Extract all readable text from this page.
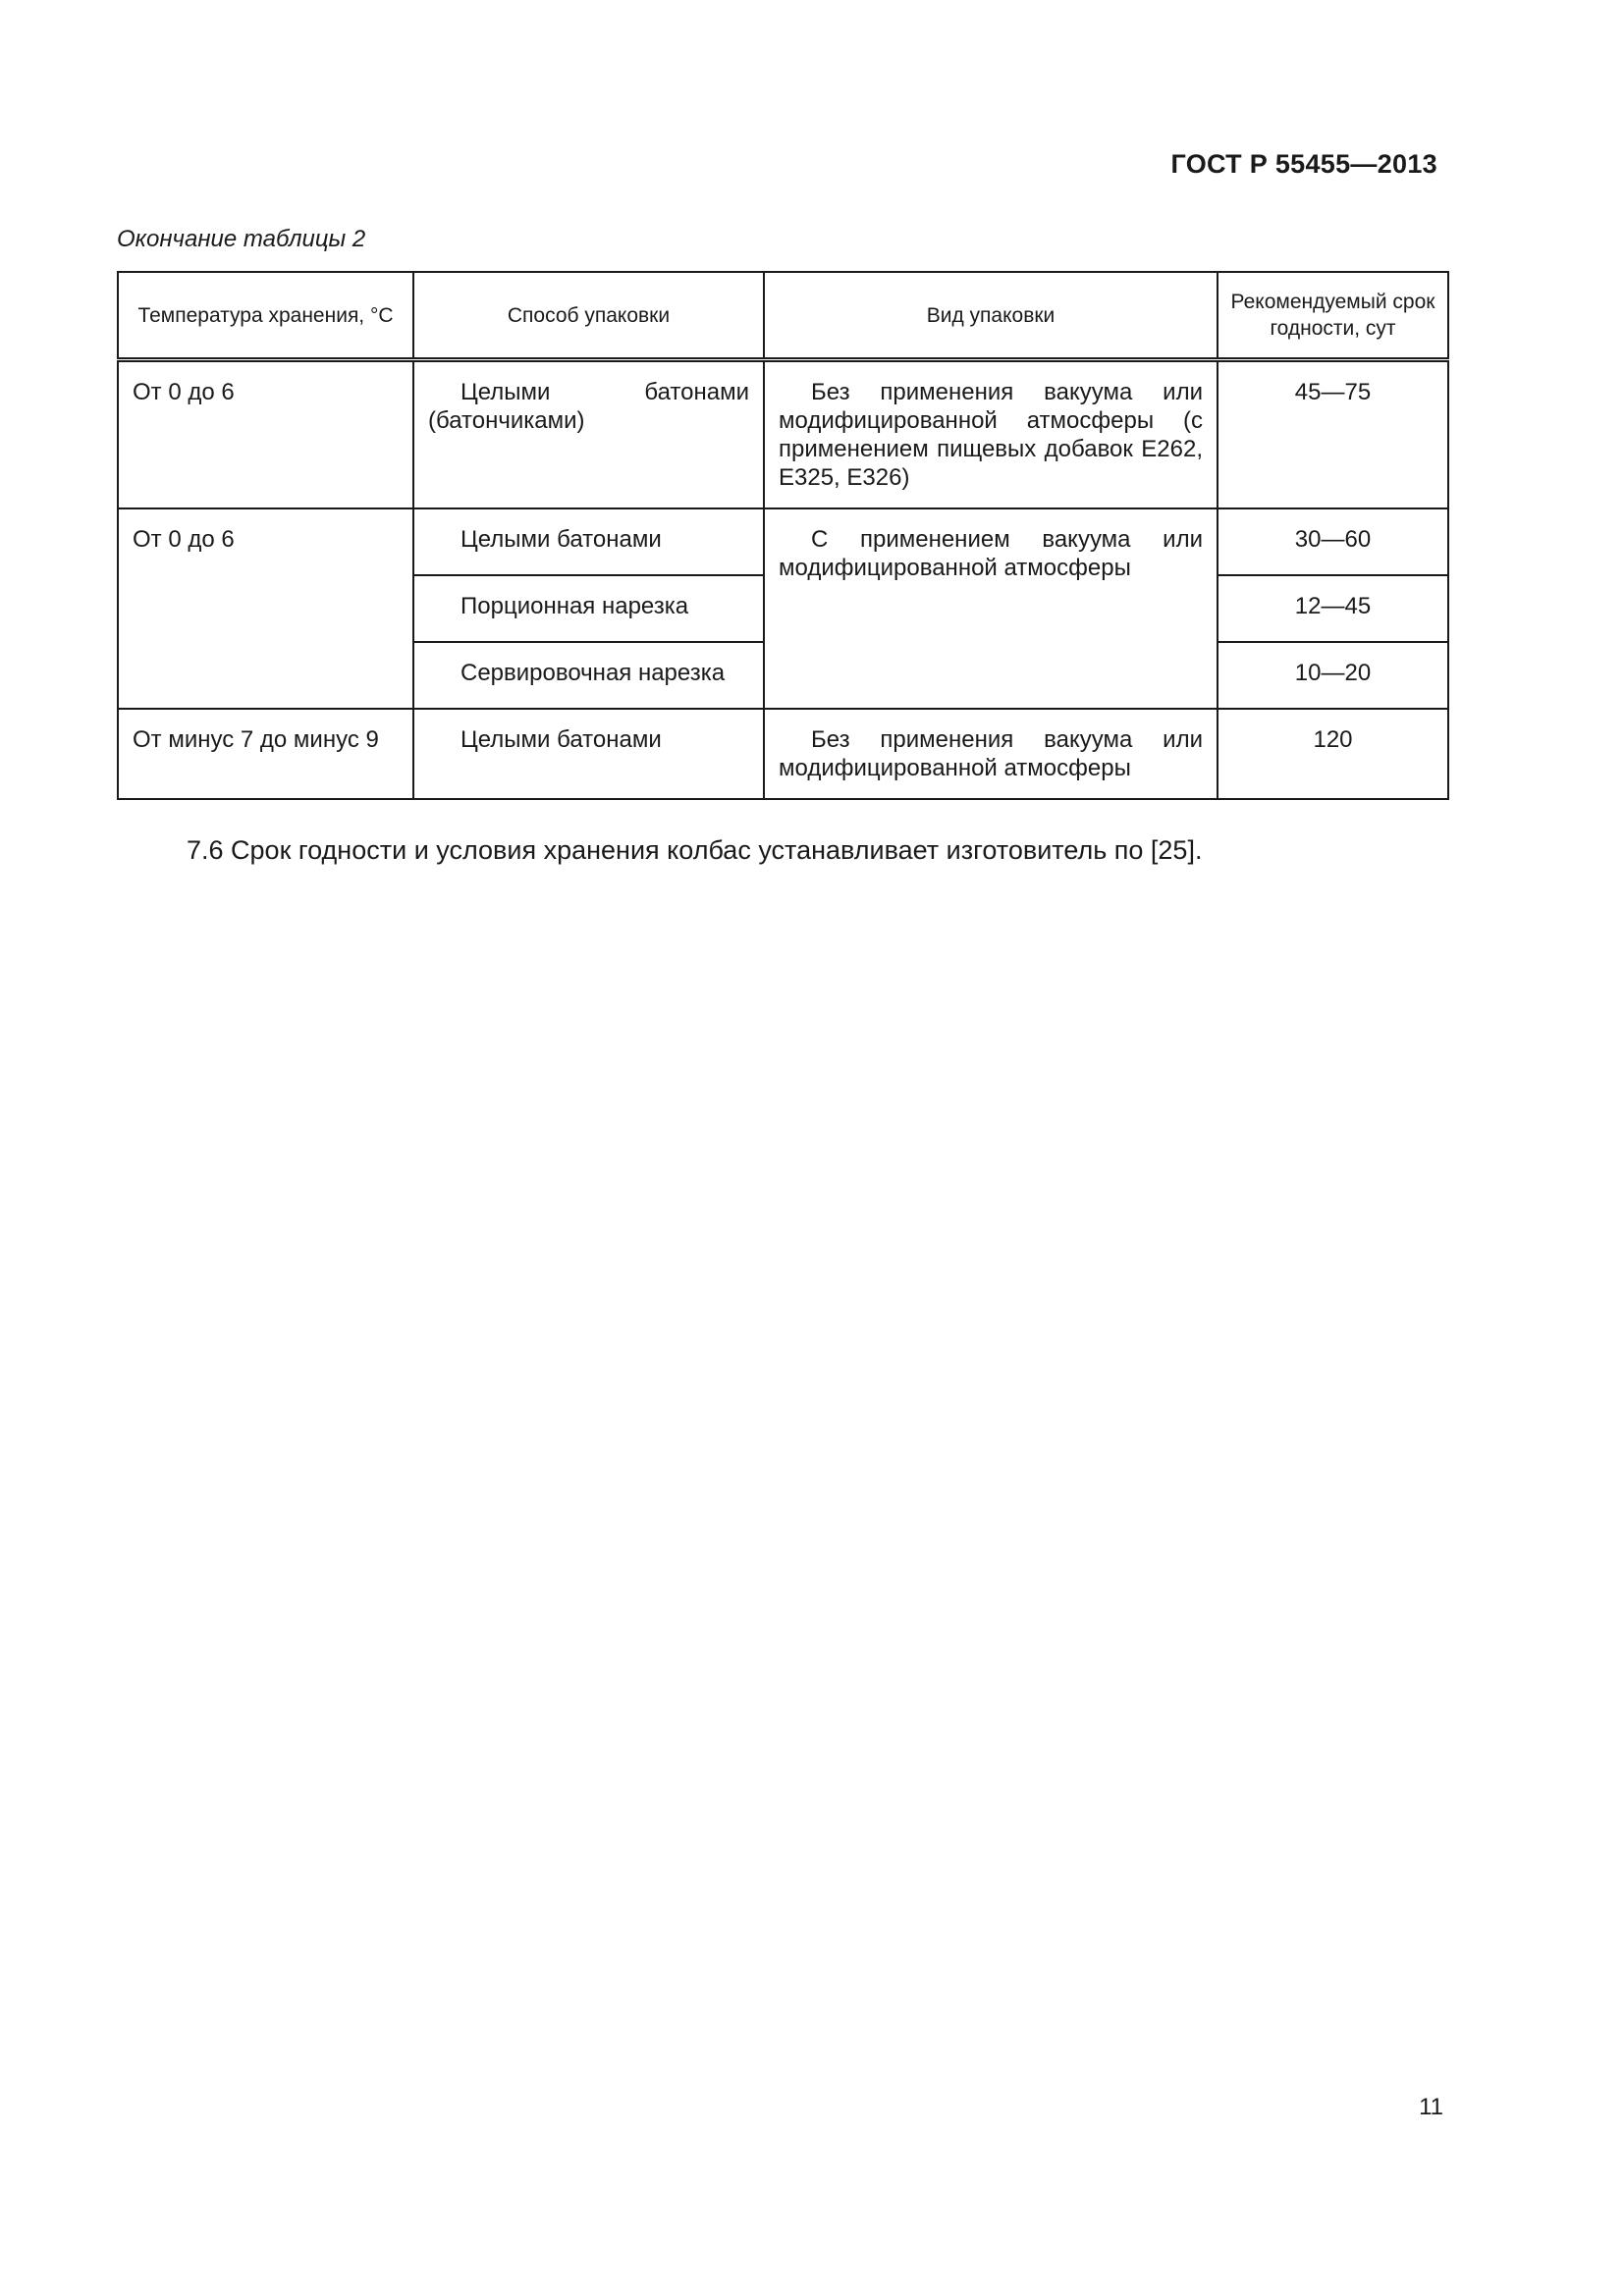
ГОСТ Р 55455—2013
Окончание таблицы 2
Температура хранения, °С	Способ упаковки	Вид упаковки	Рекомендуемый срок годности, сут
От 0 до 6	Целыми батонами (батончиками)	Без применения вакуума или модифицированной атмосферы (с применением пищевых добавок Е262, Е325, Е326)	45—75
От 0 до 6	Целыми батонами	С применением вакуума или модифицированной атмосферы	30—60
	Порционная нарезка		12—45
	Сервировочная нарезка		10—20
От минус 7 до минус 9	Целыми батонами	Без применения вакуума или модифицированной атмосферы	120
7.6 Срок годности и условия хранения колбас устанавливает изготовитель по [25].
11
